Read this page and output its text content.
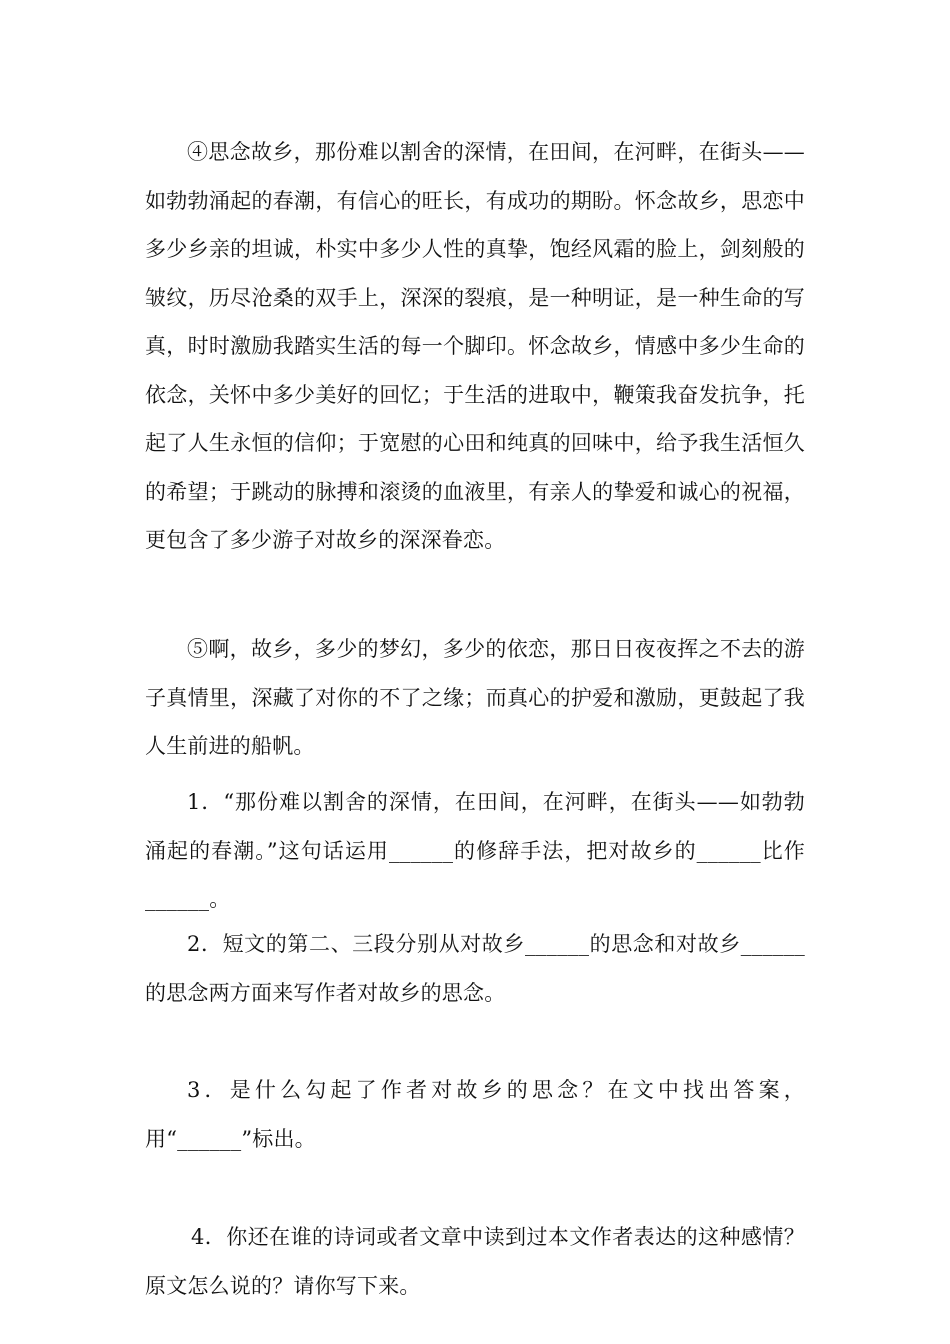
④思念故乡，那份难以割舍的深情，在田间，在河畔，在街头——如勃勃涌起的春潮，有信心的旺长，有成功的期盼。怀念故乡，思恋中多少乡亲的坦诚，朴实中多少人性的真挚，饱经风霜的脸上，剑刻般的皱纹，历尽沧桑的双手上，深深的裂痕，是一种明证，是一种生命的写真，时时激励我踏实生活的每一个脚印。怀念故乡，情感中多少生命的依念，关怀中多少美好的回忆；于生活的进取中，鞭策我奋发抗争，托起了人生永恒的信仰；于宽慰的心田和纯真的回味中，给予我生活恒久的希望；于跳动的脉搏和滚烫的血液里，有亲人的挚爱和诚心的祝福，更包含了多少游子对故乡的深深眷恋。

⑤啊，故乡，多少的梦幻，多少的依恋，那日日夜夜挥之不去的游子真情里，深藏了对你的不了之缘；而真心的护爱和激励，更鼓起了我人生前进的船帆。

1．“那份难以割舍的深情，在田间，在河畔，在街头——如勃勃涌起的春潮。”这句话运用______的修辞手法，把对故乡的______比作______。

2．短文的第二、三段分别从对故乡______的思念和对故乡______的思念两方面来写作者对故乡的思念。

3．是什么勾起了作者对故乡的思念？在文中找出答案，用“______”标出。

4．你还在谁的诗词或者文章中读到过本文作者表达的这种感情？原文怎么说的？请你写下来。
